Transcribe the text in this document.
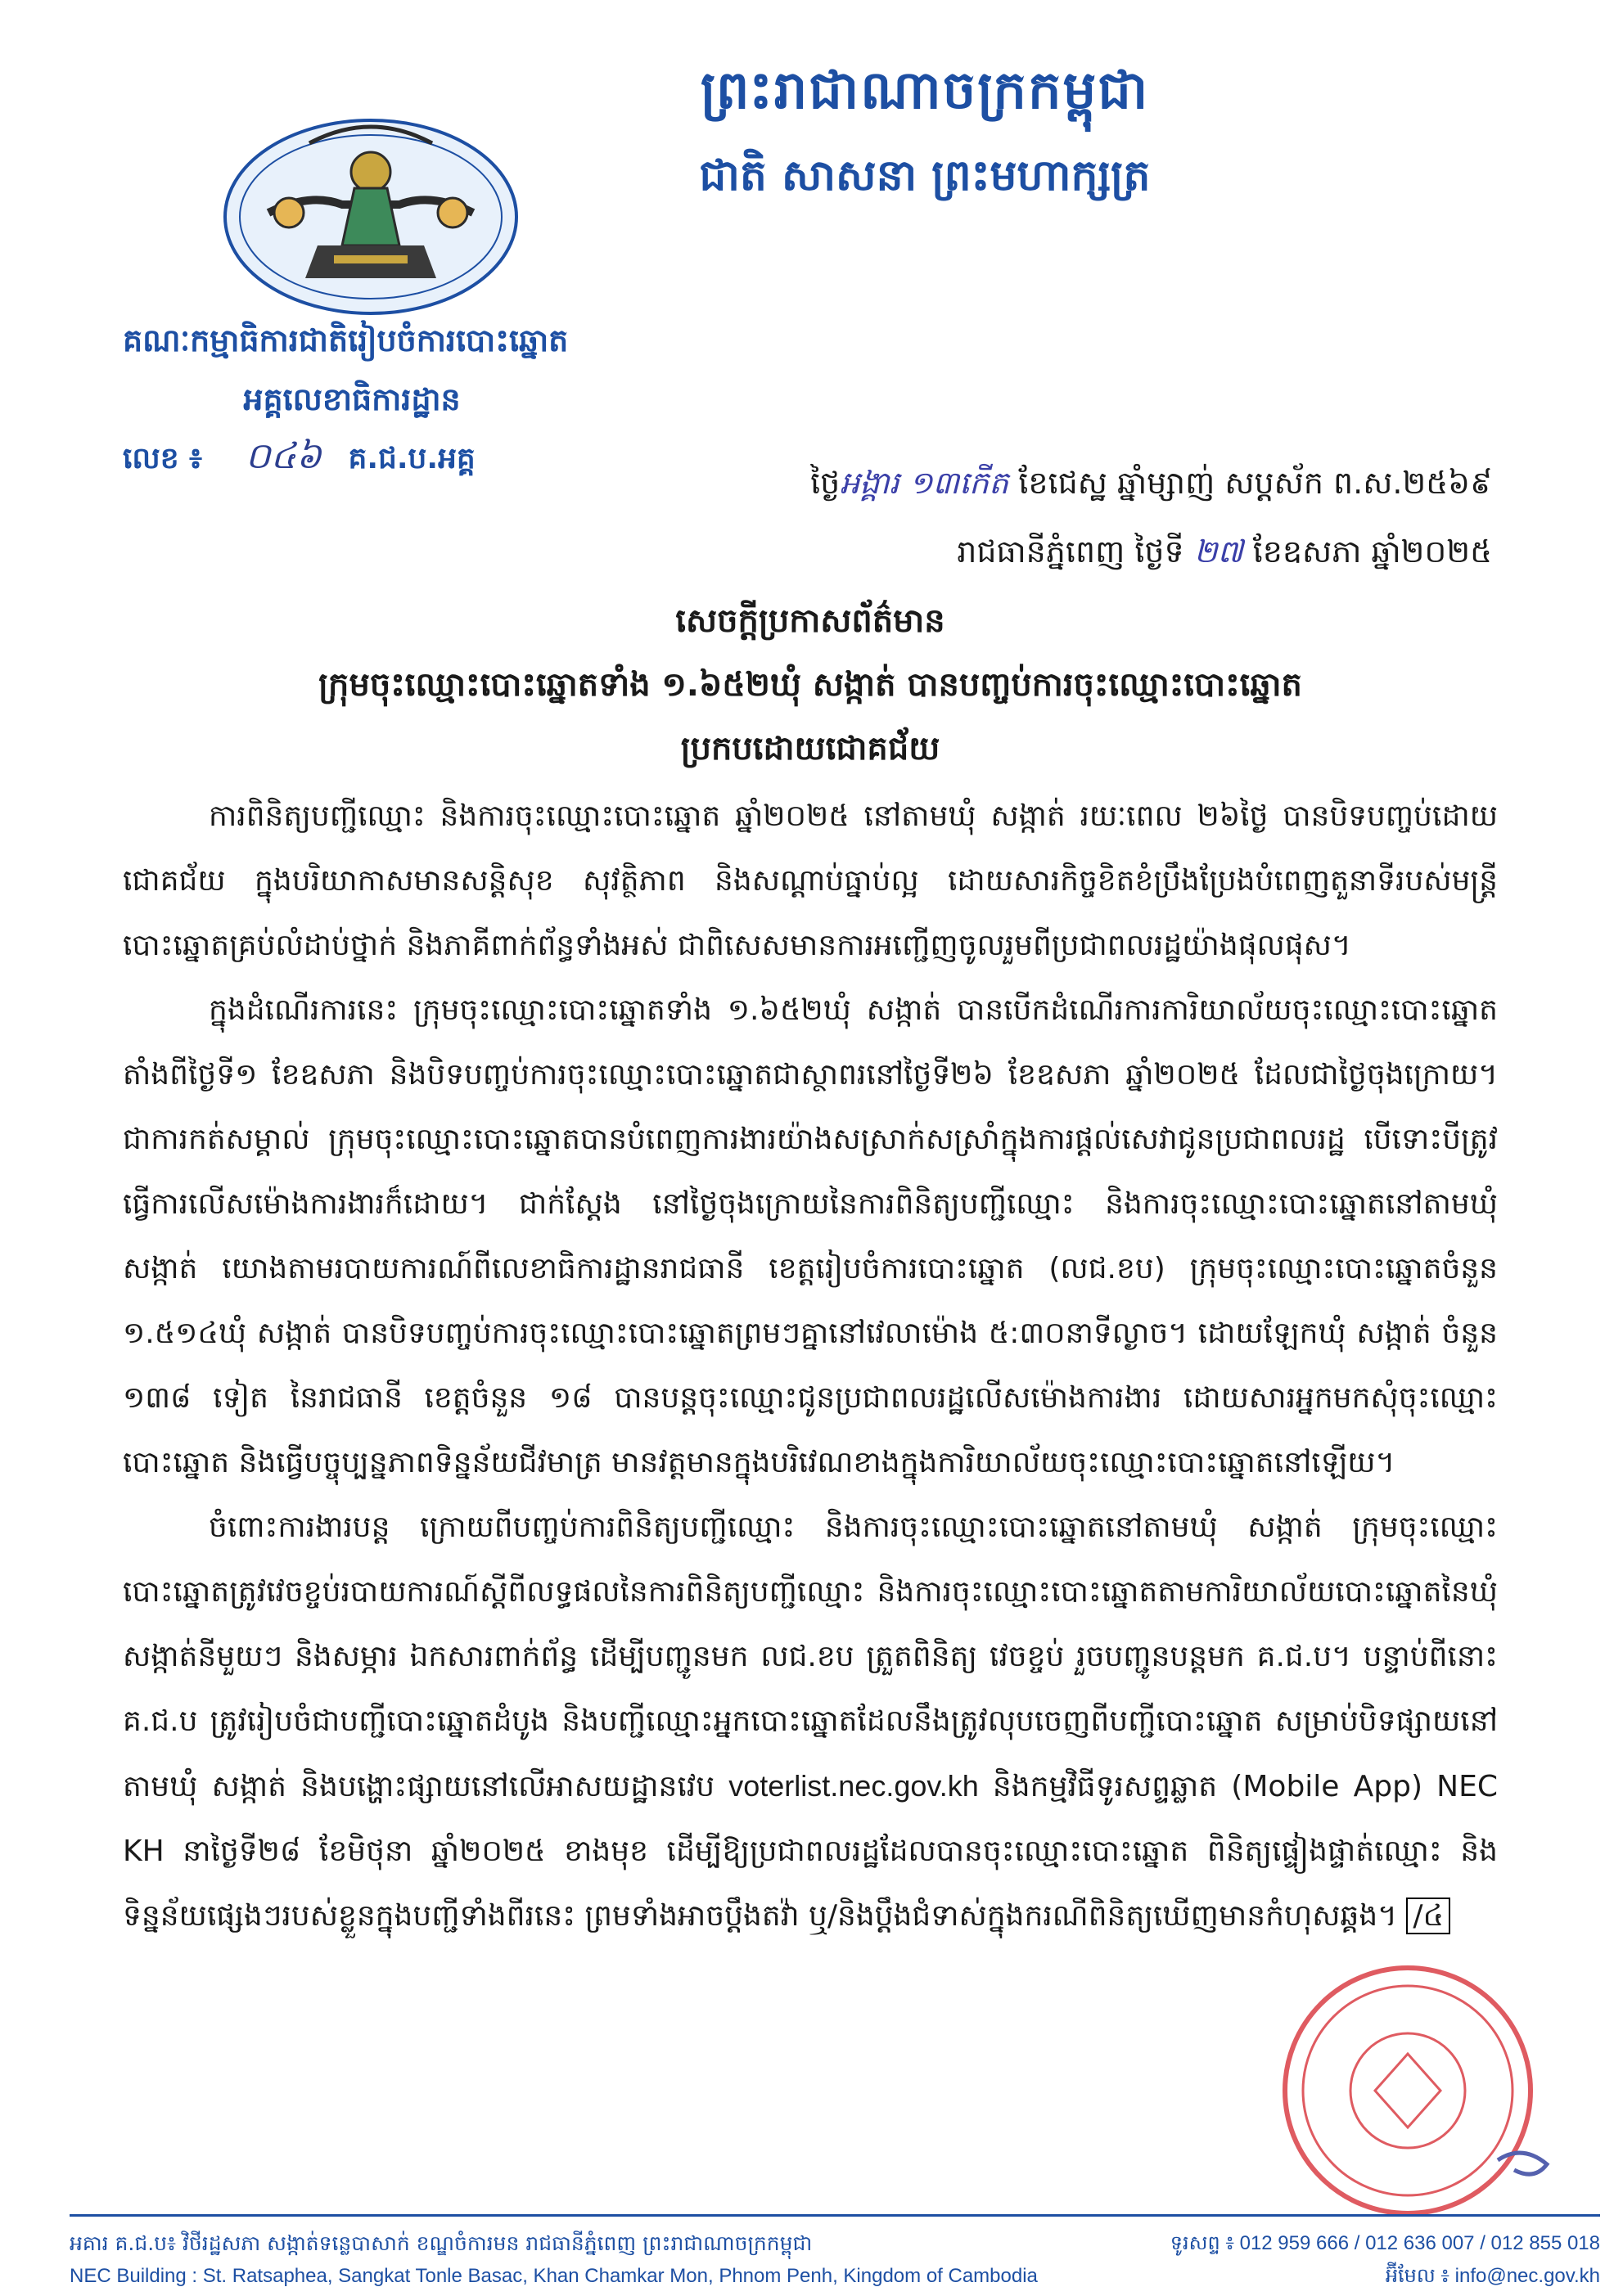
ព្រះរាជាណាចក្រកម្ពុជា
ជាតិ សាសនា ព្រះមហាក្សត្រ
គណៈកម្មាធិការជាតិរៀបចំការបោះឆ្នោត
អគ្គលេខាធិការដ្ឋាន
លេខ ៖ ០៤៦ គ.ជ.ប.អគ្គ
ថ្ងៃអង្គារ ១៣កើត ខែជេស្ឋ ឆ្នាំម្សាញ់ សប្តស័ក ព.ស.២៥៦៩
រាជធានីភ្នំពេញ ថ្ងៃទី ២៧ ខែឧសភា ឆ្នាំ២០២៥
សេចក្តីប្រកាសព័ត៌មាន
ក្រុមចុះឈ្មោះបោះឆ្នោតទាំង ១.៦៥២ឃុំ សង្កាត់ បានបញ្ចប់ការចុះឈ្មោះបោះឆ្នោត
ប្រកបដោយជោគជ័យ

ការពិនិត្យបញ្ជីឈ្មោះ និងការចុះឈ្មោះបោះឆ្នោត ឆ្នាំ២០២៥ នៅតាមឃុំ សង្កាត់ រយៈពេល ២៦ថ្ងៃ បានបិទបញ្ចប់ដោយជោគជ័យ ក្នុងបរិយាកាសមានសន្តិសុខ សុវត្ថិភាព និងសណ្តាប់ធ្នាប់ល្អ ដោយសារកិច្ចខិតខំប្រឹងប្រែងបំពេញតួនាទីរបស់មន្ត្រីបោះឆ្នោតគ្រប់លំដាប់ថ្នាក់ និងភាគីពាក់ព័ន្ធទាំងអស់ ជាពិសេសមានការអញ្ជើញចូលរួមពីប្រជាពលរដ្ឋយ៉ាងផុលផុស។

ក្នុងដំណើរការនេះ ក្រុមចុះឈ្មោះបោះឆ្នោតទាំង ១.៦៥២ឃុំ សង្កាត់ បានបើកដំណើរការការិយាល័យចុះឈ្មោះបោះឆ្នោតតាំងពីថ្ងៃទី១ ខែឧសភា និងបិទបញ្ចប់ការចុះឈ្មោះបោះឆ្នោតជាស្ថាពរនៅថ្ងៃទី២៦ ខែឧសភា ឆ្នាំ២០២៥ ដែលជាថ្ងៃចុងក្រោយ។ ជាការកត់សម្គាល់ ក្រុមចុះឈ្មោះបោះឆ្នោតបានបំពេញការងារយ៉ាងសស្រាក់សស្រាំក្នុងការផ្តល់សេវាជូនប្រជាពលរដ្ឋ បើទោះបីត្រូវធ្វើការលើសម៉ោងការងារក៏ដោយ។ ជាក់ស្តែង នៅថ្ងៃចុងក្រោយនៃការពិនិត្យបញ្ជីឈ្មោះ និងការចុះឈ្មោះបោះឆ្នោតនៅតាមឃុំ សង្កាត់ យោងតាមរបាយការណ៍ពីលេខាធិការដ្ឋានរាជធានី ខេត្តរៀបចំការបោះឆ្នោត (លជ.ខប) ក្រុមចុះឈ្មោះបោះឆ្នោតចំនួន ១.៥១៤ឃុំ សង្កាត់ បានបិទបញ្ចប់ការចុះឈ្មោះបោះឆ្នោតព្រមៗគ្នានៅវេលាម៉ោង ៥:៣០នាទីល្ងាច។ ដោយឡែកឃុំ សង្កាត់ ចំនួន ១៣៨ ទៀត នៃរាជធានី ខេត្តចំនួន ១៨ បានបន្តចុះឈ្មោះជូនប្រជាពលរដ្ឋលើសម៉ោងការងារ ដោយសារអ្នកមកសុំចុះឈ្មោះបោះឆ្នោត និងធ្វើបច្ចុប្បន្នភាពទិន្នន័យជីវមាត្រ មានវត្តមានក្នុងបរិវេណខាងក្នុងការិយាល័យចុះឈ្មោះបោះឆ្នោតនៅឡើយ។

ចំពោះការងារបន្ត ក្រោយពីបញ្ចប់ការពិនិត្យបញ្ជីឈ្មោះ និងការចុះឈ្មោះបោះឆ្នោតនៅតាមឃុំ សង្កាត់ ក្រុមចុះឈ្មោះបោះឆ្នោតត្រូវវេចខ្ចប់របាយការណ៍ស្តីពីលទ្ធផលនៃការពិនិត្យបញ្ជីឈ្មោះ និងការចុះឈ្មោះបោះឆ្នោតតាមការិយាល័យបោះឆ្នោតនៃឃុំ សង្កាត់នីមួយៗ និងសម្ភារ ឯកសារពាក់ព័ន្ធ ដើម្បីបញ្ជូនមក លជ.ខប ត្រួតពិនិត្យ វេចខ្ចប់ រួចបញ្ជូនបន្តមក គ.ជ.ប។ បន្ទាប់ពីនោះ គ.ជ.ប ត្រូវរៀបចំជាបញ្ជីបោះឆ្នោតដំបូង និងបញ្ជីឈ្មោះអ្នកបោះឆ្នោតដែលនឹងត្រូវលុបចេញពីបញ្ជីបោះឆ្នោត សម្រាប់បិទផ្សាយនៅតាមឃុំ សង្កាត់ និងបង្ហោះផ្សាយនៅលើអាសយដ្ឋានវេប voterlist.nec.gov.kh និងកម្មវិធីទូរសព្ទឆ្លាត (Mobile App) NEC KH នាថ្ងៃទី២៨ ខែមិថុនា ឆ្នាំ២០២៥ ខាងមុខ ដើម្បីឱ្យប្រជាពលរដ្ឋដែលបានចុះឈ្មោះបោះឆ្នោត ពិនិត្យផ្ទៀងផ្ទាត់ឈ្មោះ និងទិន្នន័យផ្សេងៗរបស់ខ្លួនក្នុងបញ្ជីទាំងពីរនេះ ព្រមទាំងអាចប្តឹងតវ៉ា ឬ/និងប្តឹងជំទាស់ក្នុងករណីពិនិត្យឃើញមានកំហុសឆ្គង។ /៤

អគារ គ.ជ.ប៖ វិថីរដ្ឋសភា សង្កាត់ទន្លេបាសាក់ ខណ្ឌចំការមន រាជធានីភ្នំពេញ ព្រះរាជាណាចក្រកម្ពុជា	ទូរសព្ទ ៖ 012 959 666 / 012 636 007 / 012 855 018
NEC Building : St. Ratsaphea, Sangkat Tonle Basac, Khan Chamkar Mon, Phnom Penh, Kingdom of Cambodia	អ៊ីមែល ៖ info@nec.gov.kh
